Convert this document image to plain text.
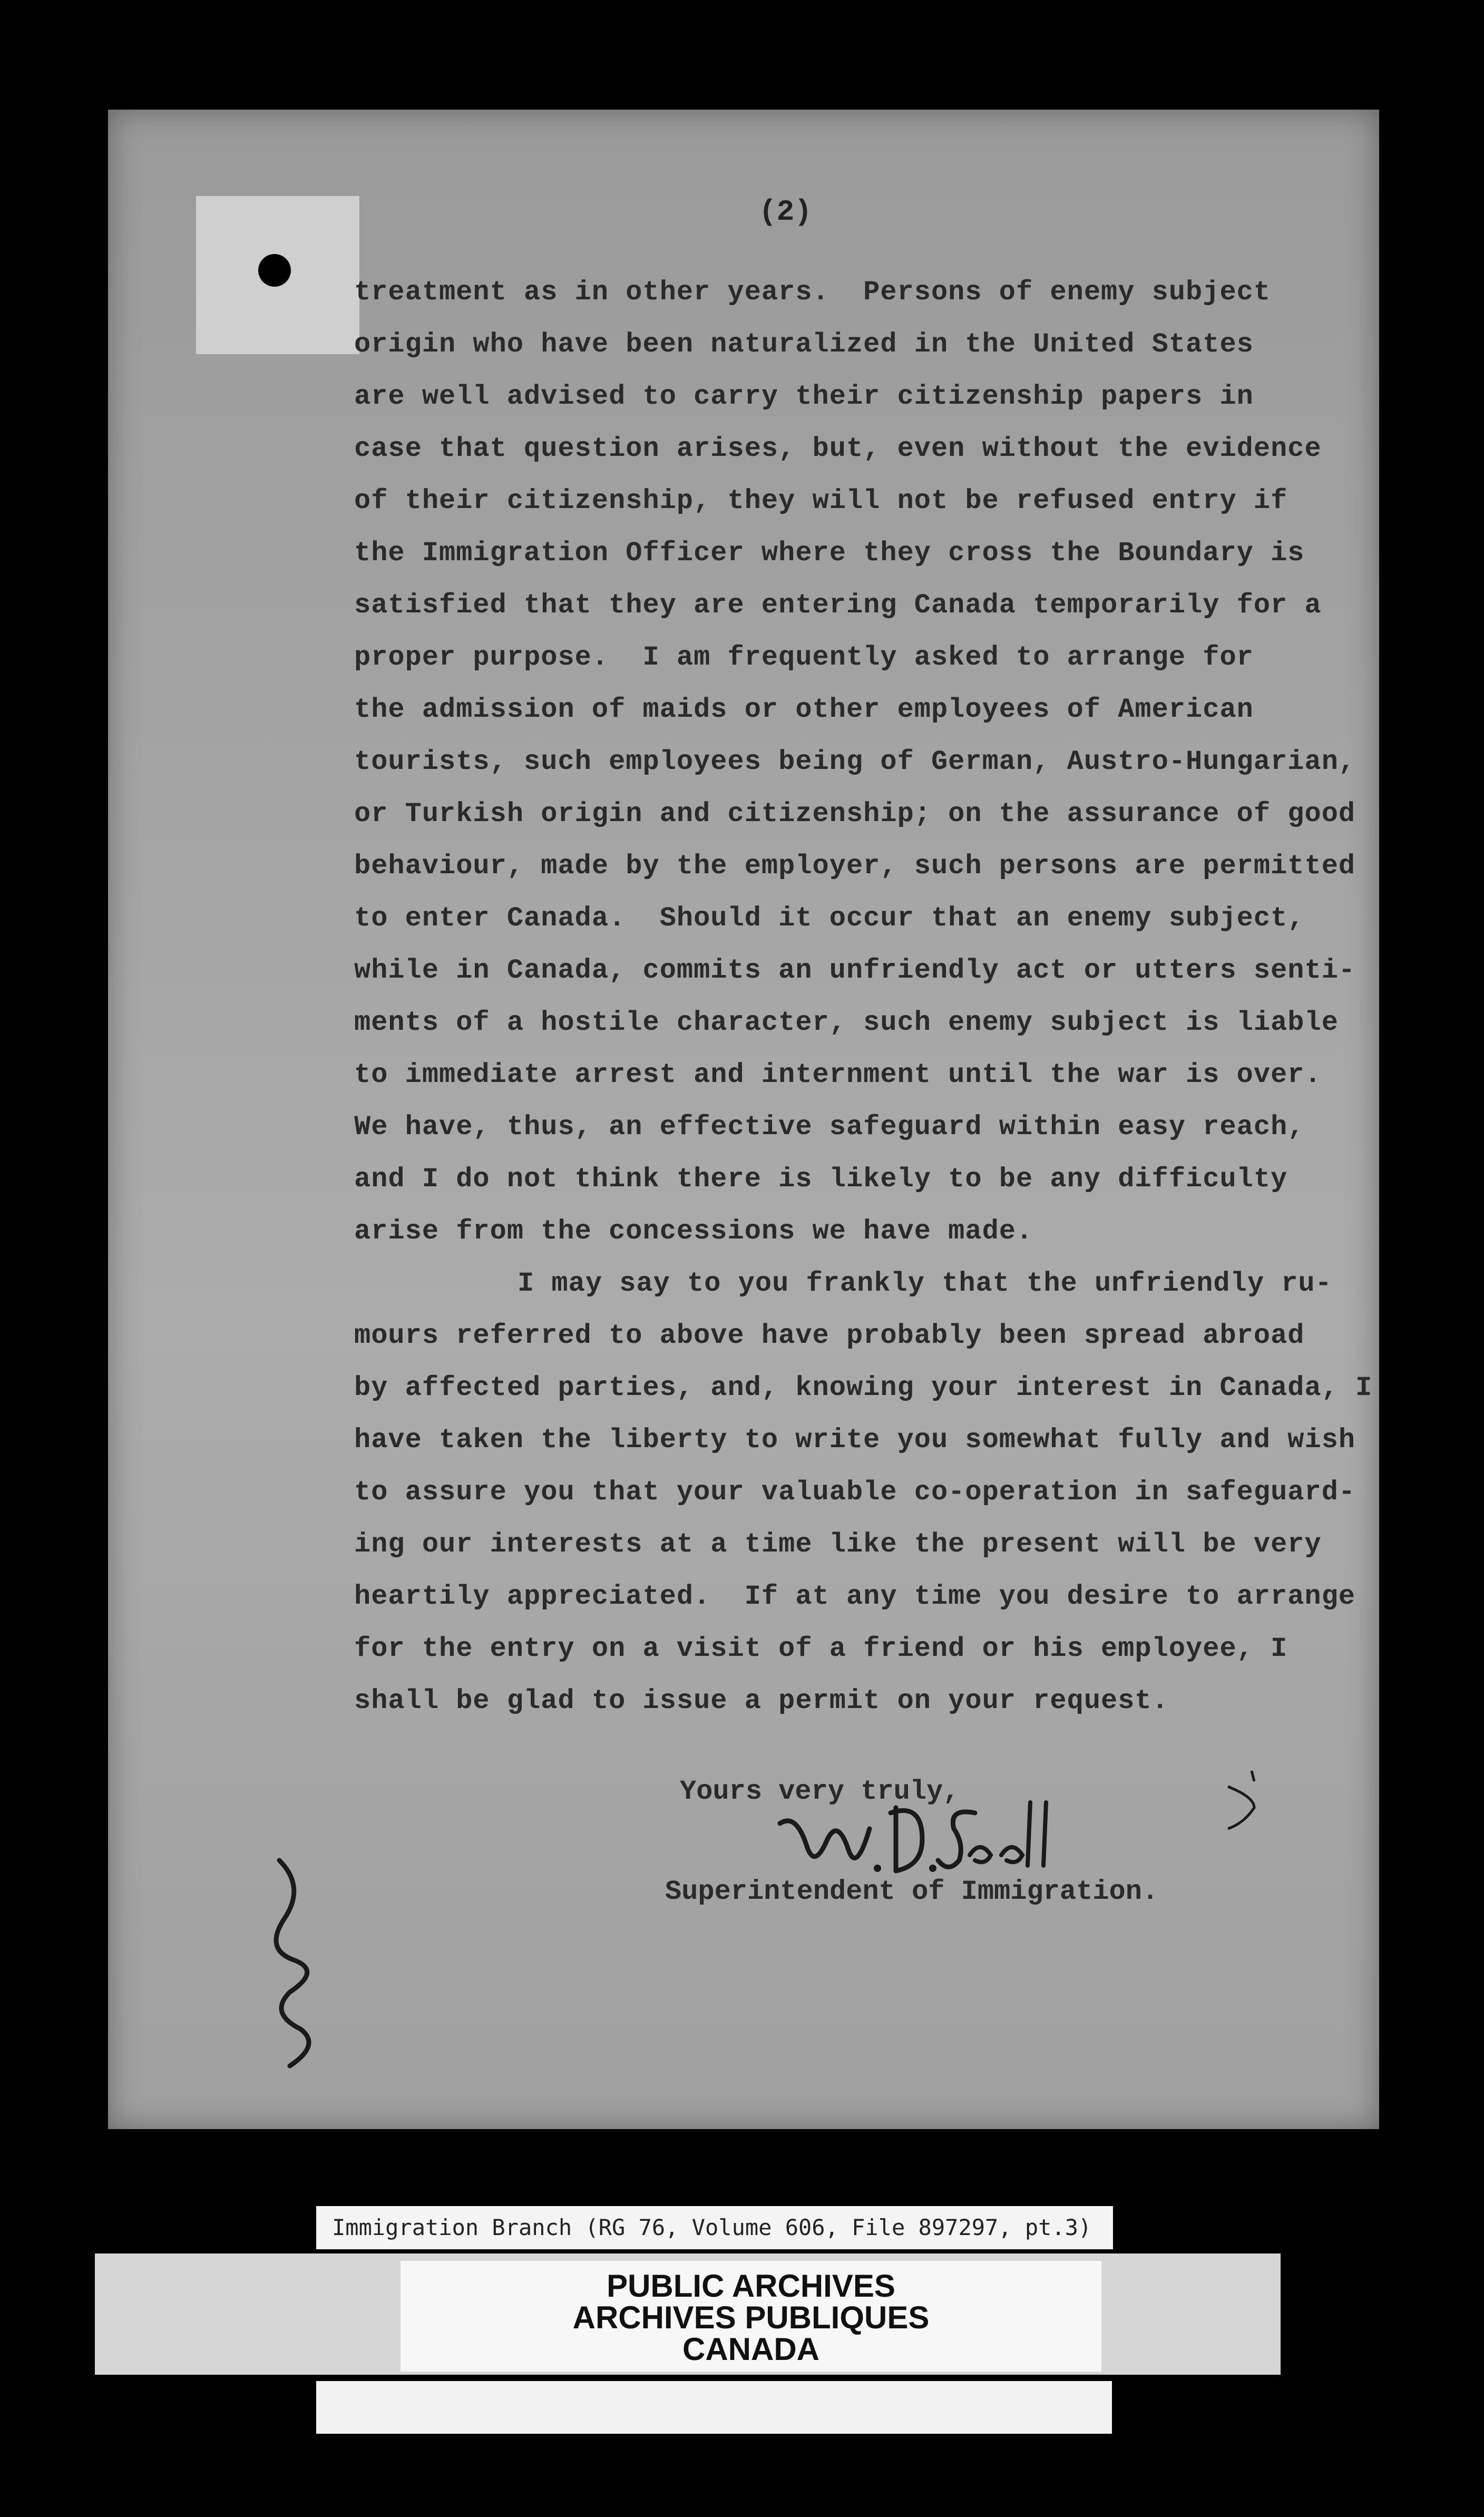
(2)
treatment as in other years.  Persons of enemy subject
origin who have been naturalized in the United States
are well advised to carry their citizenship papers in
case that question arises, but, even without the evidence
of their citizenship, they will not be refused entry if
the Immigration Officer where they cross the Boundary is
satisfied that they are entering Canada temporarily for a
proper purpose.  I am frequently asked to arrange for
the admission of maids or other employees of American
tourists, such employees being of German, Austro-Hungarian,
or Turkish origin and citizenship; on the assurance of good
behaviour, made by the employer, such persons are permitted
to enter Canada.  Should it occur that an enemy subject,
while in Canada, commits an unfriendly act or utters senti-
ments of a hostile character, such enemy subject is liable
to immediate arrest and internment until the war is over.
We have, thus, an effective safeguard within easy reach,
and I do not think there is likely to be any difficulty
arise from the concessions we have made.
I may say to you frankly that the unfriendly ru-
mours referred to above have probably been spread abroad
by affected parties, and, knowing your interest in Canada, I
have taken the liberty to write you somewhat fully and wish
to assure you that your valuable co-operation in safeguard-
ing our interests at a time like the present will be very
heartily appreciated.  If at any time you desire to arrange
for the entry on a visit of a friend or his employee, I
shall be glad to issue a permit on your request.
Yours very truly,
Superintendent of Immigration.
Immigration Branch (RG 76, Volume 606, File 897297, pt.3)
PUBLIC ARCHIVES
ARCHIVES PUBLIQUES
CANADA
